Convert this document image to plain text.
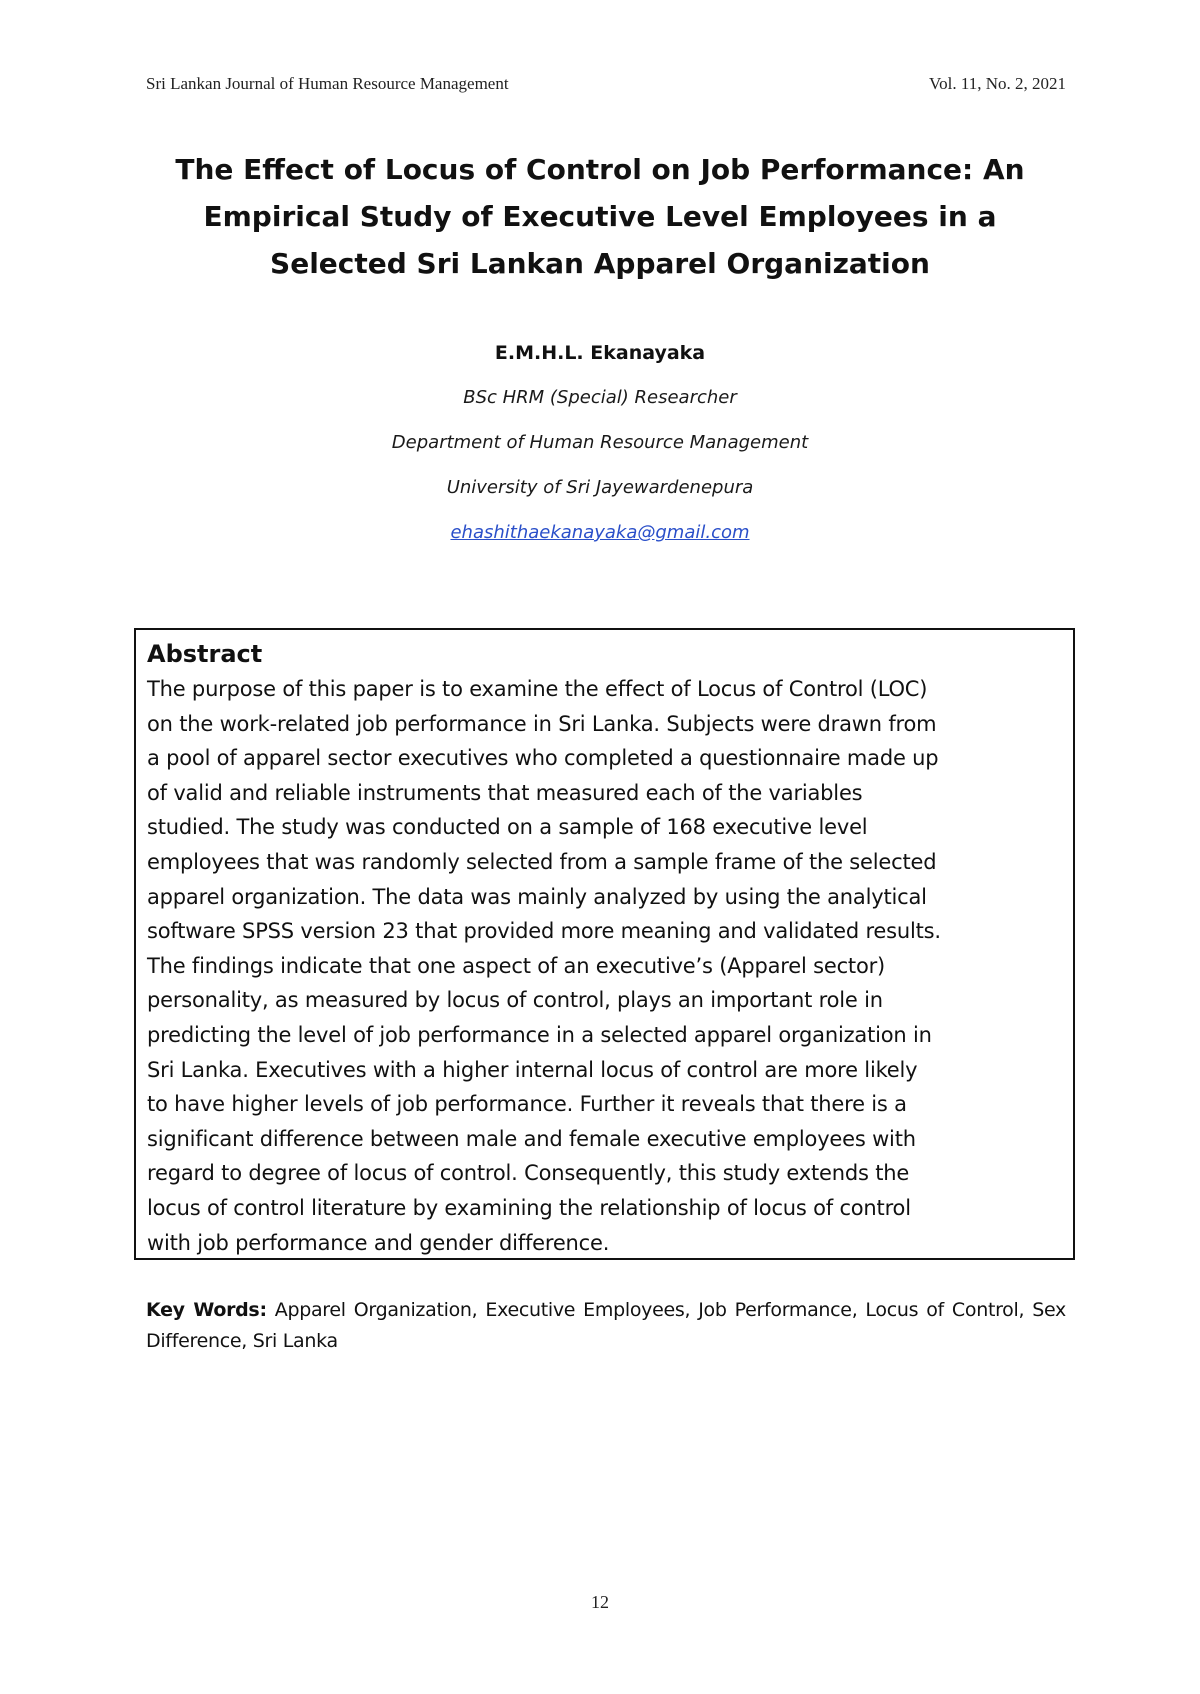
Sri Lankan Journal of Human Resource Management	Vol. 11, No. 2, 2021
The Effect of Locus of Control on Job Performance: An
Empirical Study of Executive Level Employees in a
Selected Sri Lankan Apparel Organization
E.M.H.L. Ekanayaka
BSc HRM (Special) Researcher
Department of Human Resource Management
University of Sri Jayewardenepura
ehashithaekanayaka@gmail.com
Abstract

The purpose of this paper is to examine the effect of Locus of Control (LOC)
on the work-related job performance in Sri Lanka. Subjects were drawn from
a pool of apparel sector executives who completed a questionnaire made up
of valid and reliable instruments that measured each of the variables
studied. The study was conducted on a sample of 168 executive level
employees that was randomly selected from a sample frame of the selected
apparel organization. The data was mainly analyzed by using the analytical
software SPSS version 23 that provided more meaning and validated results.
The findings indicate that one aspect of an executive’s (Apparel sector)
personality, as measured by locus of control, plays an important role in
predicting the level of job performance in a selected apparel organization in
Sri Lanka. Executives with a higher internal locus of control are more likely
to have higher levels of job performance. Further it reveals that there is a
significant difference between male and female executive employees with
regard to degree of locus of control. Consequently, this study extends the
locus of control literature by examining the relationship of locus of control
with job performance and gender difference.

Key Words: Apparel Organization, Executive Employees, Job Performance, Locus of Control, Sex Difference, Sri Lanka
12
